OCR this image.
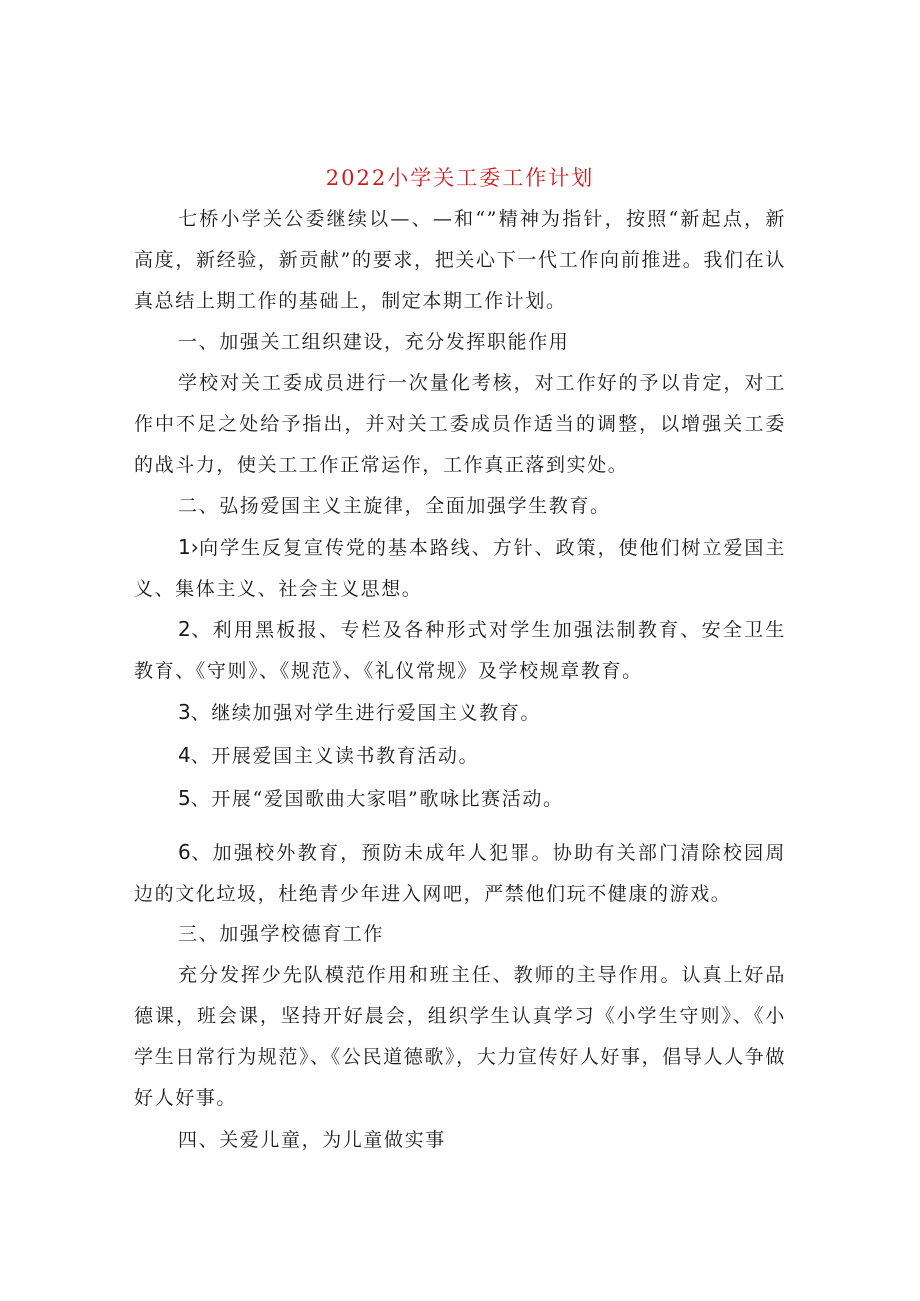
2022小学关工委工作计划

七桥小学关公委继续以—、—和“”精神为指针，按照“新起点，新高度，新经验，新贡献”的要求，把关心下一代工作向前推进。我们在认真总结上期工作的基础上，制定本期工作计划。

一、加强关工组织建设，充分发挥职能作用

学校对关工委成员进行一次量化考核，对工作好的予以肯定，对工作中不足之处给予指出，并对关工委成员作适当的调整，以增强关工委的战斗力，使关工工作正常运作，工作真正落到实处。

二、弘扬爱国主义主旋律，全面加强学生教育。

1›向学生反复宣传党的基本路线、方针、政策，使他们树立爱国主义、集体主义、社会主义思想。

2、利用黑板报、专栏及各种形式对学生加强法制教育、安全卫生教育、《守则》、《规范》、《礼仪常规》及学校规章教育。

3、继续加强对学生进行爱国主义教育。

4、开展爱国主义读书教育活动。

5、开展“爱国歌曲大家唱”歌咏比赛活动。

6、加强校外教育，预防未成年人犯罪。协助有关部门清除校园周边的文化垃圾，杜绝青少年进入网吧，严禁他们玩不健康的游戏。

三、加强学校德育工作

充分发挥少先队模范作用和班主任、教师的主导作用。认真上好品德课，班会课，坚持开好晨会，组织学生认真学习《小学生守则》、《小学生日常行为规范》、《公民道德歌》，大力宣传好人好事，倡导人人争做好人好事。

四、关爱儿童，为儿童做实事
